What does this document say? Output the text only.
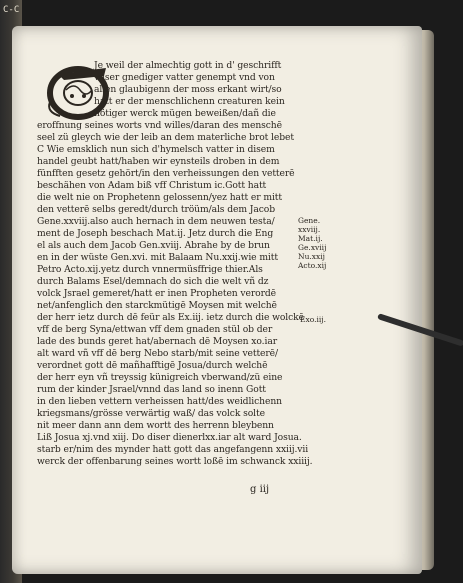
C-C
Je weil der almechtig gott in d' geschrifft
vnser gnediger vatter genempt vnd von
allen glaubigenn der moss erkant wirt/so
hatt er der menschlichenn creaturen kein
nötiger werck mügen beweißen/dañ die
eroffnung seines worts vnd willes/daran des menschē
seel zü gleych wie der leib an dem materliche brot lebet
C Wie emsklich nun sich d'hymelsch vatter in disem
handel geubt hatt/haben wir eynsteils droben in dem
fünfften gesetz gehört/in den verheissungen den vetterē
beschähen von Adam biß vff Christum ic.Gott hatt
die welt nie on Prophetenn gelossenn/yez hatt er mitt
den vetterē selbs geredt/durch tröüm/als dem Jacob
Gene.xxviij.also auch hernach in dem neuwen testa/
ment de Joseph beschach Mat.ij. Jetz durch die Eng
el als auch dem Jacob Gen.xviij. Abrahe by de brun
en in der wüste Gen.xvi. mit Balaam Nu.xxij.wie mitt
Petro Acto.xij.yetz durch vnnermüsffrige thier.Als
durch Balams Esel/demnach do sich die welt vñ dz
volck Jsrael gemeret/hatt er inen Propheten verordē
net/anfenglich den starckmütigē Moysen mit welchē
der herr ietz durch dē feür als Ex.iij. ietz durch die wolckē
vff de berg Syna/ettwan vff dem gnaden stül ob der
lade des bunds geret hat/abernach dē Moysen xo.iar
alt ward vñ vff dē berg Nebo starb/mit seine vetterē/
verordnet gott dē mañhafftigē Josua/durch welchē
der herr eyn vñ treyssig künigreich vberwand/zü eine
rum der kinder Jsrael/vnnd das land so inenn Gott
in den lieben vettern verheissen hatt/des weidlichenn
kriegsmans/grösse verwärtig waß/ das volck solte
nit meer dann ann dem wortt des herrenn bleybenn
Liß Josua xj.vnd xiij. Do diser dienerlxx.iar alt ward Josua.
starb er/nim des mynder hatt gott das angefangenn xxiij.vii
werck der offenbarung seines wortt loßē im schwanck xxiiij.
Gene.
xxviij.
Mat.ij.
Ge.xviij
Nu.xxij
Acto.xij
Exo.iij.
g iij
